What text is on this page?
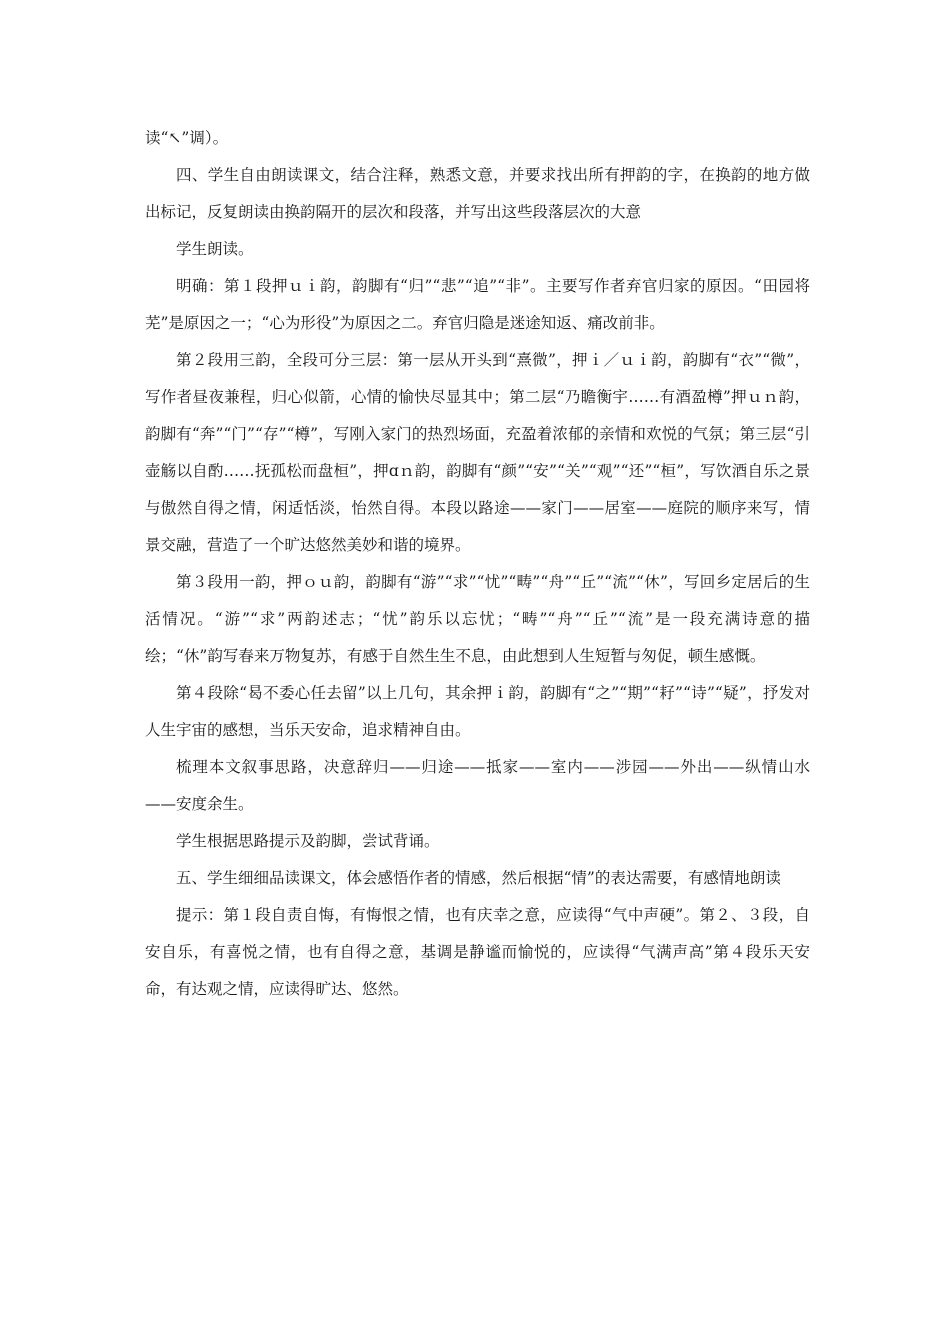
读“↖”调）。

四、学生自由朗读课文，结合注释，熟悉文意，并要求找出所有押韵的字，在换韵的地方做出标记，反复朗读由换韵隔开的层次和段落，并写出这些段落层次的大意

学生朗读。

明确：第１段押ｕｉ韵，韵脚有“归”“悲”“追”“非”。主要写作者弃官归家的原因。“田园将芜”是原因之一；“心为形役”为原因之二。弃官归隐是迷途知返、痛改前非。

第２段用三韵，全段可分三层：第一层从开头到“熹微”，押ｉ／ｕｉ韵，韵脚有“衣”“微”，写作者昼夜兼程，归心似箭，心情的愉快尽显其中；第二层“乃瞻衡宇……有酒盈樽”押ｕｎ韵，韵脚有“奔”“门”“存”“樽”，写刚入家门的热烈场面，充盈着浓郁的亲情和欢悦的气氛；第三层“引壶觞以自酌……抚孤松而盘桓”，押ɑｎ韵，韵脚有“颜”“安”“关”“观”“还”“桓”，写饮酒自乐之景与傲然自得之情，闲适恬淡，怡然自得。本段以路途——家门——居室——庭院的顺序来写，情景交融，营造了一个旷达悠然美妙和谐的境界。

第３段用一韵，押ｏｕ韵，韵脚有“游”“求”“忧”“畴”“舟”“丘”“流”“休”，写回乡定居后的生活情况。“游”“求”两韵述志；“忧”韵乐以忘忧；“畴”“舟”“丘”“流”是一段充满诗意的描绘；“休”韵写春来万物复苏，有感于自然生生不息，由此想到人生短暂与匆促，顿生感慨。

第４段除“曷不委心任去留”以上几句，其余押ｉ韵，韵脚有“之”“期”“耔”“诗”“疑”，抒发对人生宇宙的感想，当乐天安命，追求精神自由。

梳理本文叙事思路，决意辞归——归途——抵家——室内——涉园——外出——纵情山水——安度余生。

学生根据思路提示及韵脚，尝试背诵。

五、学生细细品读课文，体会感悟作者的情感，然后根据“情”的表达需要，有感情地朗读

提示：第１段自责自悔，有悔恨之情，也有庆幸之意，应读得“气中声硬”。第２、３段，自安自乐，有喜悦之情，也有自得之意，基调是静谧而愉悦的，应读得“气满声高”第４段乐天安命，有达观之情，应读得旷达、悠然。
